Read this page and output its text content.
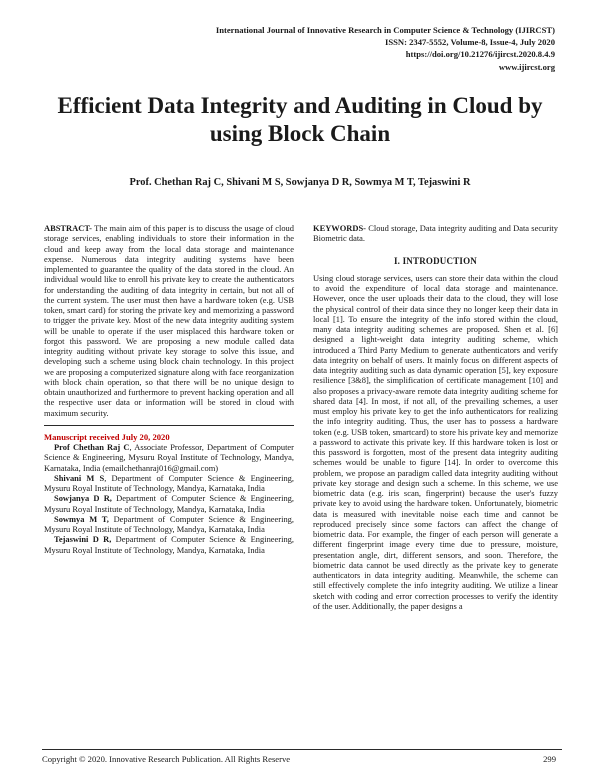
International Journal of Innovative Research in Computer Science & Technology (IJIRCST)
ISSN: 2347-5552, Volume-8, Issue-4, July 2020
https://doi.org/10.21276/ijircst.2020.8.4.9
www.ijircst.org
Efficient Data Integrity and Auditing in Cloud by using Block Chain
Prof. Chethan Raj C, Shivani M S, Sowjanya D R, Sowmya M T, Tejaswini R

ABSTRACT- The main aim of this paper is to discuss the usage of cloud storage services, enabling individuals to store their information in the cloud and keep away from the local data storage and maintenance expense. Numerous data integrity auditing systems have been implemented to guarantee the quality of the data stored in the cloud. An individual would like to enroll his private key to create the authenticators for understanding the auditing of data integrity in certain, but not all of the current system. The user must then have a hardware token (e.g. USB token, smart card) for storing the private key and memorizing a password to trigger the private key. Most of the new data integrity auditing system will be unable to operate if the user misplaced this hardware token or forgot this password. We are proposing a new module called data integrity auditing without private key storage to solve this issue, and developing such a scheme using block chain technology. In this project we are proposing a computerized signature along with face reorganization with block chain operation, so that there will be no unique design to obtain unauthorized and furthermore to prevent hacking operation and all the respective user data or information will be stored in cloud with maximum security.

Manuscript received July 20, 2020

Prof Chethan Raj C, Associate Professor, Department of Computer Science & Engineering, Mysuru Royal Institute of Technology, Mandya, Karnataka, India (emailchethanraj016@gmail.com)

Shivani M S, Department of Computer Science & Engineering, Mysuru Royal Institute of Technology, Mandya, Karnataka, India

Sowjanya D R, Department of Computer Science & Engineering, Mysuru Royal Institute of Technology, Mandya, Karnataka, India

Sowmya M T, Department of Computer Science & Engineering, Mysuru Royal Institute of Technology, Mandya, Karnataka, India

Tejaswini D R, Department of Computer Science & Engineering, Mysuru Royal Institute of Technology, Mandya, Karnataka, India

KEYWORDS- Cloud storage, Data integrity auditing and Data security Biometric data.

I. INTRODUCTION

Using cloud storage services, users can store their data within the cloud to avoid the expenditure of local data storage and maintenance. However, once the user uploads their data to the cloud, they will lose the physical control of their data since they no longer keep their data in local [1]. To ensure the integrity of the info stored within the cloud, many data integrity auditing schemes are proposed. Shen et al. [6] designed a light-weight data integrity auditing scheme, which introduced a Third Party Medium to generate authenticators and verify data integrity on behalf of users. It mainly focus on different aspects of data integrity auditing such as data dynamic operation [5], key exposure resilience [3&8], the simplification of certificate management [10] and also proposes a privacy-aware remote data integrity auditing scheme for shared data [4]. In most, if not all, of the prevailing schemes, a user must employ his private key to get the info authenticators for realizing the info integrity auditing. Thus, the user has to possess a hardware token (e.g. USB token, smartcard) to store his private key and memorize a password to activate this private key. If this hardware token is lost or this password is forgotten, most of the present data integrity auditing schemes would be unable to figure [14]. In order to overcome this problem, we propose an paradigm called data integrity auditing without private key storage and design such a scheme. In this scheme, we use biometric data (e.g. iris scan, fingerprint) because the user's fuzzy private key to avoid using the hardware token. Unfortunately, biometric data is measured with inevitable noise each time and cannot be reproduced precisely since some factors can affect the change of biometric data. For example, the finger of each person will generate a different fingerprint image every time due to pressure, moisture, presentation angle, dirt, different sensors, and soon. Therefore, the biometric data cannot be used directly as the private key to generate authenticators in data integrity auditing. Meanwhile, the scheme can still effectively complete the info integrity auditing. We utilize a linear sketch with coding and error correction processes to verify the identity of the user. Additionally, the paper designs a

Copyright © 2020. Innovative Research Publication. All Rights Reserve	299
